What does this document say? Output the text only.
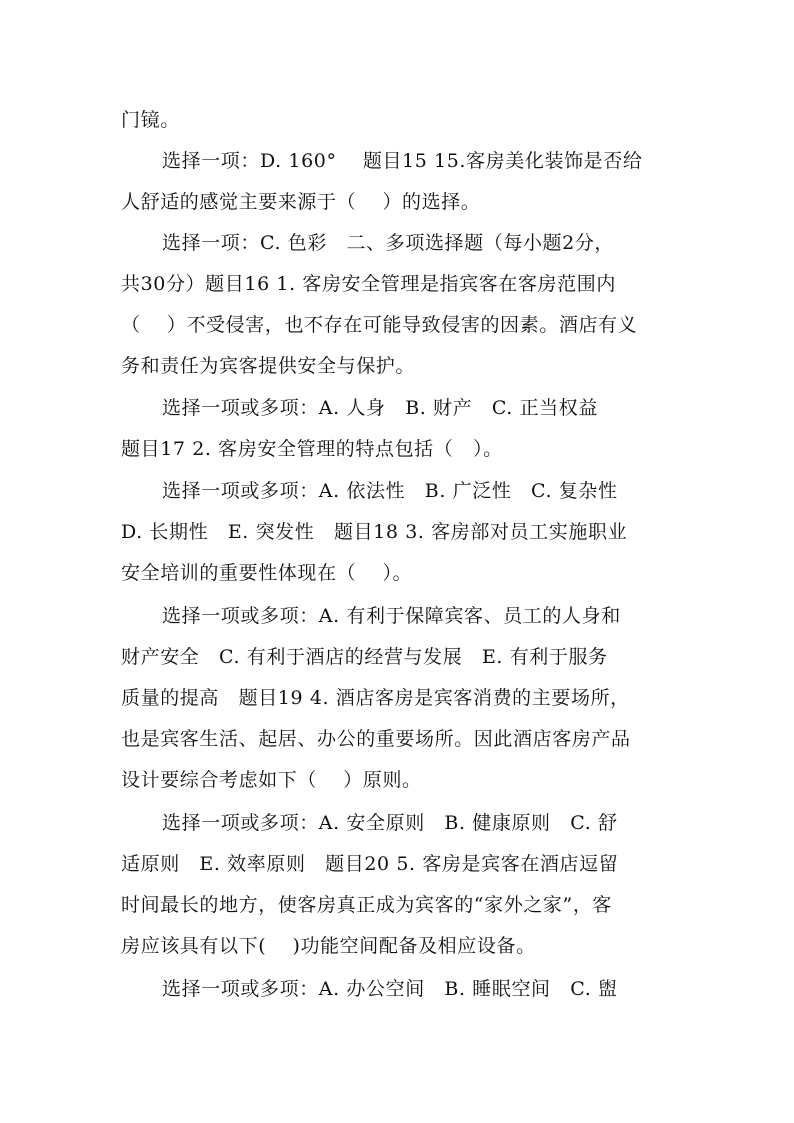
门镜。
选择一项：D. 160°　 题目15 15.客房美化装饰是否给
人舒适的感觉主要来源于（　 ）的选择。
选择一项：C. 色彩　二、多项选择题（每小题2分，
共30分）题目16 1. 客房安全管理是指宾客在客房范围内
（　 ）不受侵害，也不存在可能导致侵害的因素。酒店有义
务和责任为宾客提供安全与保护。
选择一项或多项：A. 人身　B. 财产　C. 正当权益
题目17 2. 客房安全管理的特点包括（　）。
选择一项或多项：A. 依法性　B. 广泛性　C. 复杂性
D. 长期性　E. 突发性　题目18 3. 客房部对员工实施职业
安全培训的重要性体现在（　 ）。
选择一项或多项：A. 有利于保障宾客、员工的人身和
财产安全　C. 有利于酒店的经营与发展　E. 有利于服务
质量的提高　题目19 4. 酒店客房是宾客消费的主要场所，
也是宾客生活、起居、办公的重要场所。因此酒店客房产品
设计要综合考虑如下（　 ）原则。
选择一项或多项：A. 安全原则　B. 健康原则　C. 舒
适原则　E. 效率原则　题目20 5. 客房是宾客在酒店逗留
时间最长的地方，使客房真正成为宾客的“家外之家”，客
房应该具有以下(　 )功能空间配备及相应设备。
选择一项或多项：A. 办公空间　B. 睡眠空间　C. 盥
